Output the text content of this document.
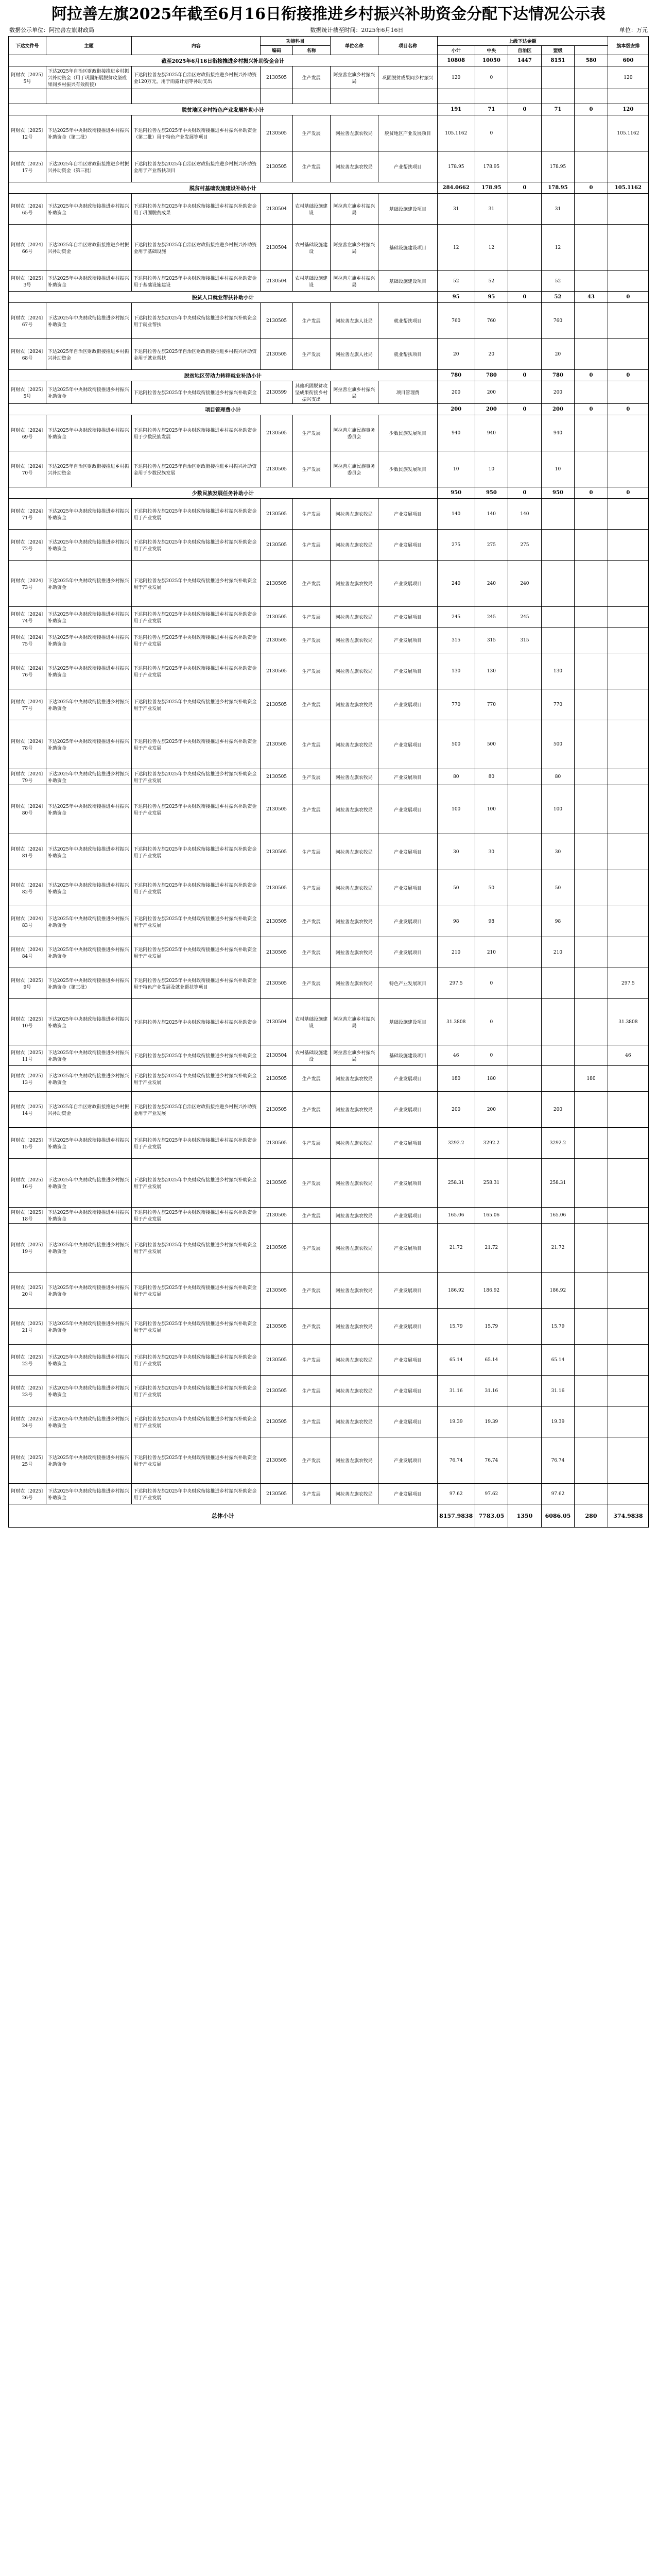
阿拉善左旗2025年截至6月16日衔接推进乡村振兴补助资金分配下达情况公示表
数据公示单位：阿拉善左旗财政局	数据统计截至时间：2025年6月16日	单位：万元
下达文件号	主题	内容	功能科目		单位名称	项目名称	上级下达金额					旗本级安排
			编码	名称			小计	中央	自治区	盟级		
截至2025年6月16日衔接推进乡村振兴补助资金合计							10808	10050	1447	8151	580	600
阿财农〔2025〕5号	下达2025年自治区财政衔接推进乡村振兴补助资金（用于巩固拓展脱贫攻坚成果同乡村振兴有效衔接）	下达阿拉善左旗2025年自治区财政衔接推进乡村振兴补助资金120万元，用于雨露计划等补助支出	2130505	生产发展	阿拉善左旗乡村振兴局	巩固脱贫成果同乡村振兴	120	0				120

脱贫地区乡村特色产业发展补助小计							191	71	0	71	0	120
阿财农〔2025〕12号	下达2025年中央财政衔接推进乡村振兴补助资金（第二批）	下达阿拉善左旗2025年中央财政衔接推进乡村振兴补助资金（第二批）用于特色产业发展等项目	2130505	生产发展	阿拉善左旗农牧局	脱贫地区产业发展项目	105.1162	0				105.1162
阿财农〔2025〕17号	下达2025年自治区财政衔接推进乡村振兴补助资金（第三批）	下达阿拉善左旗2025年自治区财政衔接推进乡村振兴补助资金用于产业帮扶项目	2130505	生产发展	阿拉善左旗农牧局	产业帮扶项目	178.95	178.95		178.95		
脱贫村基础设施建设补助小计							284.0662	178.95	0	178.95	0	105.1162
阿财农〔2024〕65号	下达2025年中央财政衔接推进乡村振兴补助资金	下达阿拉善左旗2025年中央财政衔接推进乡村振兴补助资金用于巩固脱贫成果	2130504	农村基础设施建设	阿拉善左旗乡村振兴局	基础设施建设项目	31	31		31		
阿财农〔2024〕66号	下达2025年自治区财政衔接推进乡村振兴补助资金	下达阿拉善左旗2025年自治区财政衔接推进乡村振兴补助资金用于基础设施	2130504	农村基础设施建设	阿拉善左旗乡村振兴局	基础设施建设项目	12	12		12		
阿财农〔2025〕3号	下达2025年中央财政衔接推进乡村振兴补助资金	下达阿拉善左旗2025年中央财政衔接推进乡村振兴补助资金用于基础设施建设	2130504	农村基础设施建设	阿拉善左旗乡村振兴局	基础设施建设项目	52	52		52		
脱贫人口就业帮扶补助小计							95	95	0	52	43	0
阿财农〔2024〕67号	下达2025年中央财政衔接推进乡村振兴补助资金	下达阿拉善左旗2025年中央财政衔接推进乡村振兴补助资金用于就业帮扶	2130505	生产发展	阿拉善左旗人社局	就业帮扶项目	760	760		760		
阿财农〔2024〕68号	下达2025年自治区财政衔接推进乡村振兴补助资金	下达阿拉善左旗2025年自治区财政衔接推进乡村振兴补助资金用于就业帮扶	2130505	生产发展	阿拉善左旗人社局	就业帮扶项目	20	20		20		
脱贫地区劳动力转移就业补助小计							780	780	0	780	0	0
阿财农〔2025〕5号	下达2025年中央财政衔接推进乡村振兴补助资金	下达阿拉善左旗2025年中央财政衔接推进乡村振兴补助资金	2130599	其他巩固脱贫攻坚成果衔接乡村振兴支出	阿拉善左旗乡村振兴局	项目管理费	200	200		200		
项目管理费小计							200	200	0	200	0	0
阿财农〔2024〕69号	下达2025年中央财政衔接推进乡村振兴补助资金	下达阿拉善左旗2025年中央财政衔接推进乡村振兴补助资金用于少数民族发展	2130505	生产发展	阿拉善左旗民族事务委员会	少数民族发展项目	940	940		940		
阿财农〔2024〕70号	下达2025年自治区财政衔接推进乡村振兴补助资金	下达阿拉善左旗2025年自治区财政衔接推进乡村振兴补助资金用于少数民族发展	2130505	生产发展	阿拉善左旗民族事务委员会	少数民族发展项目	10	10		10		
少数民族发展任务补助小计							950	950	0	950	0	0
阿财农〔2024〕71号	下达2025年中央财政衔接推进乡村振兴补助资金	下达阿拉善左旗2025年中央财政衔接推进乡村振兴补助资金用于产业发展	2130505	生产发展	阿拉善左旗农牧局	产业发展项目	140	140	140			
阿财农〔2024〕72号	下达2025年中央财政衔接推进乡村振兴补助资金	下达阿拉善左旗2025年中央财政衔接推进乡村振兴补助资金用于产业发展	2130505	生产发展	阿拉善左旗农牧局	产业发展项目	275	275	275			
阿财农〔2024〕73号	下达2025年中央财政衔接推进乡村振兴补助资金	下达阿拉善左旗2025年中央财政衔接推进乡村振兴补助资金用于产业发展	2130505	生产发展	阿拉善左旗农牧局	产业发展项目	240	240	240			
阿财农〔2024〕74号	下达2025年中央财政衔接推进乡村振兴补助资金	下达阿拉善左旗2025年中央财政衔接推进乡村振兴补助资金用于产业发展	2130505	生产发展	阿拉善左旗农牧局	产业发展项目	245	245	245			
阿财农〔2024〕75号	下达2025年中央财政衔接推进乡村振兴补助资金	下达阿拉善左旗2025年中央财政衔接推进乡村振兴补助资金用于产业发展	2130505	生产发展	阿拉善左旗农牧局	产业发展项目	315	315	315			
阿财农〔2024〕76号	下达2025年中央财政衔接推进乡村振兴补助资金	下达阿拉善左旗2025年中央财政衔接推进乡村振兴补助资金用于产业发展	2130505	生产发展	阿拉善左旗农牧局	产业发展项目	130	130		130		
阿财农〔2024〕77号	下达2025年中央财政衔接推进乡村振兴补助资金	下达阿拉善左旗2025年中央财政衔接推进乡村振兴补助资金用于产业发展	2130505	生产发展	阿拉善左旗农牧局	产业发展项目	770	770		770		
阿财农〔2024〕78号	下达2025年中央财政衔接推进乡村振兴补助资金	下达阿拉善左旗2025年中央财政衔接推进乡村振兴补助资金用于产业发展	2130505	生产发展	阿拉善左旗农牧局	产业发展项目	500	500		500		
阿财农〔2024〕79号	下达2025年中央财政衔接推进乡村振兴补助资金	下达阿拉善左旗2025年中央财政衔接推进乡村振兴补助资金用于产业发展	2130505	生产发展	阿拉善左旗农牧局	产业发展项目	80	80		80		
阿财农〔2024〕80号	下达2025年中央财政衔接推进乡村振兴补助资金	下达阿拉善左旗2025年中央财政衔接推进乡村振兴补助资金用于产业发展	2130505	生产发展	阿拉善左旗农牧局	产业发展项目	100	100		100		
阿财农〔2024〕81号	下达2025年中央财政衔接推进乡村振兴补助资金	下达阿拉善左旗2025年中央财政衔接推进乡村振兴补助资金用于产业发展	2130505	生产发展	阿拉善左旗农牧局	产业发展项目	30	30		30		
阿财农〔2024〕82号	下达2025年中央财政衔接推进乡村振兴补助资金	下达阿拉善左旗2025年中央财政衔接推进乡村振兴补助资金用于产业发展	2130505	生产发展	阿拉善左旗农牧局	产业发展项目	50	50		50		
阿财农〔2024〕83号	下达2025年中央财政衔接推进乡村振兴补助资金	下达阿拉善左旗2025年中央财政衔接推进乡村振兴补助资金用于产业发展	2130505	生产发展	阿拉善左旗农牧局	产业发展项目	98	98		98		
阿财农〔2024〕84号	下达2025年中央财政衔接推进乡村振兴补助资金	下达阿拉善左旗2025年中央财政衔接推进乡村振兴补助资金用于产业发展	2130505	生产发展	阿拉善左旗农牧局	产业发展项目	210	210		210		
阿财农〔2025〕9号	下达2025年中央财政衔接推进乡村振兴补助资金（第三批）	下达阿拉善左旗2025年中央财政衔接推进乡村振兴补助资金用于特色产业发展及就业帮扶等项目	2130505	生产发展	阿拉善左旗农牧局	特色产业发展项目	297.5	0				297.5
阿财农〔2025〕10号	下达2025年中央财政衔接推进乡村振兴补助资金	下达阿拉善左旗2025年中央财政衔接推进乡村振兴补助资金	2130504	农村基础设施建设	阿拉善左旗乡村振兴局	基础设施建设项目	31.3808	0				31.3808
阿财农〔2025〕11号	下达2025年中央财政衔接推进乡村振兴补助资金	下达阿拉善左旗2025年中央财政衔接推进乡村振兴补助资金	2130504	农村基础设施建设	阿拉善左旗乡村振兴局	基础设施建设项目	46	0				46
阿财农〔2025〕13号	下达2025年中央财政衔接推进乡村振兴补助资金	下达阿拉善左旗2025年中央财政衔接推进乡村振兴补助资金用于产业发展	2130505	生产发展	阿拉善左旗农牧局	产业发展项目	180	180			180	
阿财农〔2025〕14号	下达2025年自治区财政衔接推进乡村振兴补助资金	下达阿拉善左旗2025年自治区财政衔接推进乡村振兴补助资金用于产业发展	2130505	生产发展	阿拉善左旗农牧局	产业发展项目	200	200		200		
阿财农〔2025〕15号	下达2025年中央财政衔接推进乡村振兴补助资金	下达阿拉善左旗2025年中央财政衔接推进乡村振兴补助资金用于产业发展	2130505	生产发展	阿拉善左旗农牧局	产业发展项目	3292.2	3292.2		3292.2		
阿财农〔2025〕16号	下达2025年中央财政衔接推进乡村振兴补助资金	下达阿拉善左旗2025年中央财政衔接推进乡村振兴补助资金用于产业发展	2130505	生产发展	阿拉善左旗农牧局	产业发展项目	258.31	258.31		258.31		
阿财农〔2025〕18号	下达2025年中央财政衔接推进乡村振兴补助资金	下达阿拉善左旗2025年中央财政衔接推进乡村振兴补助资金用于产业发展	2130505	生产发展	阿拉善左旗农牧局	产业发展项目	165.06	165.06		165.06		
阿财农〔2025〕19号	下达2025年中央财政衔接推进乡村振兴补助资金	下达阿拉善左旗2025年中央财政衔接推进乡村振兴补助资金用于产业发展	2130505	生产发展	阿拉善左旗农牧局	产业发展项目	21.72	21.72		21.72		
阿财农〔2025〕20号	下达2025年中央财政衔接推进乡村振兴补助资金	下达阿拉善左旗2025年中央财政衔接推进乡村振兴补助资金用于产业发展	2130505	生产发展	阿拉善左旗农牧局	产业发展项目	186.92	186.92		186.92		
阿财农〔2025〕21号	下达2025年中央财政衔接推进乡村振兴补助资金	下达阿拉善左旗2025年中央财政衔接推进乡村振兴补助资金用于产业发展	2130505	生产发展	阿拉善左旗农牧局	产业发展项目	15.79	15.79		15.79		
阿财农〔2025〕22号	下达2025年中央财政衔接推进乡村振兴补助资金	下达阿拉善左旗2025年中央财政衔接推进乡村振兴补助资金用于产业发展	2130505	生产发展	阿拉善左旗农牧局	产业发展项目	65.14	65.14		65.14		
阿财农〔2025〕23号	下达2025年中央财政衔接推进乡村振兴补助资金	下达阿拉善左旗2025年中央财政衔接推进乡村振兴补助资金用于产业发展	2130505	生产发展	阿拉善左旗农牧局	产业发展项目	31.16	31.16		31.16		
阿财农〔2025〕24号	下达2025年中央财政衔接推进乡村振兴补助资金	下达阿拉善左旗2025年中央财政衔接推进乡村振兴补助资金用于产业发展	2130505	生产发展	阿拉善左旗农牧局	产业发展项目	19.39	19.39		19.39		
阿财农〔2025〕25号	下达2025年中央财政衔接推进乡村振兴补助资金	下达阿拉善左旗2025年中央财政衔接推进乡村振兴补助资金用于产业发展	2130505	生产发展	阿拉善左旗农牧局	产业发展项目	76.74	76.74		76.74		
阿财农〔2025〕26号	下达2025年中央财政衔接推进乡村振兴补助资金	下达阿拉善左旗2025年中央财政衔接推进乡村振兴补助资金用于产业发展	2130505	生产发展	阿拉善左旗农牧局	产业发展项目	97.62	97.62		97.62		
总体小计							8157.9838	7783.05	1350	6086.05	280	374.9838
